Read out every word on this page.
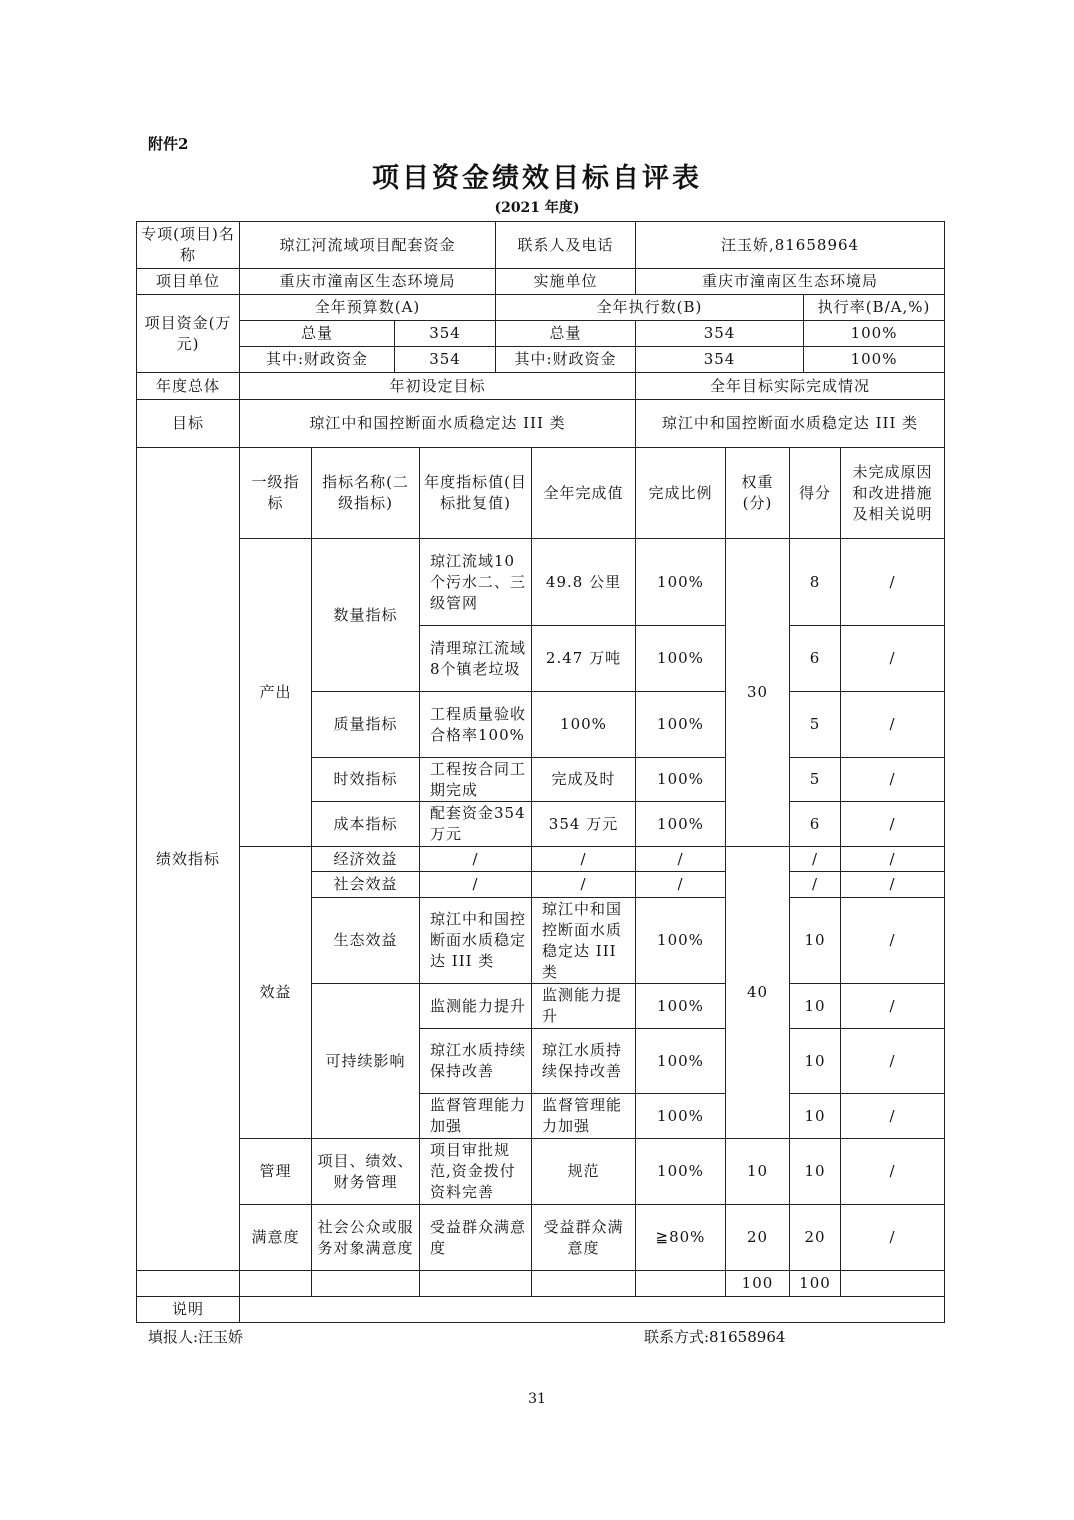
附件2
项目资金绩效目标自评表
(2021 年度)
专项(项目)名称	琼江河流域项目配套资金		联系人及电话	汪玉娇,81658964	
项目单位	重庆市潼南区生态环境局		实施单位	重庆市潼南区生态环境局	
项目资金(万元)	全年预算数(A)		全年执行数(B)		执行率(B/A,%)
	总量	354	总量	354	100%
	其中:财政资金	354	其中:财政资金	354	100%
年度总体	年初设定目标			全年目标实际完成情况	
目标	琼江中和国控断面水质稳定达 III 类			琼江中和国控断面水质稳定达 III 类	
绩效指标	一级指标	指标名称(二级指标)	年度指标值(目标批复值)	全年完成值	完成比例	权重(分)	得分	未完成原因和改进措施及相关说明
	产出	数量指标	琼江流域10个污水二、三级管网	49.8 公里	100%	30	8	/
			清理琼江流域8个镇老垃圾	2.47 万吨	100%		6	/
		质量指标	工程质量验收合格率100%	100%	100%		5	/
		时效指标	工程按合同工期完成	完成及时	100%		5	/
		成本指标	配套资金354万元	354 万元	100%		6	/
	效益	经济效益	/	/	/	40	/	/
		社会效益	/	/	/		/	/
		生态效益	琼江中和国控断面水质稳定达 III 类	琼江中和国控断面水质稳定达 III 类	100%		10	/
		可持续影响	监测能力提升	监测能力提升	100%		10	/
			琼江水质持续保持改善	琼江水质持续保持改善	100%		10	/
			监督管理能力加强	监督管理能力加强	100%		10	/
	管理	项目、绩效、财务管理	项目审批规范,资金拨付资料完善	规范	100%	10	10	/
	满意度	社会公众或服务对象满意度	受益群众满意度	受益群众满意度	≧80%	20	20	/
						100	100	
说明								
填报人:汪玉娇	联系方式:81658964
31
